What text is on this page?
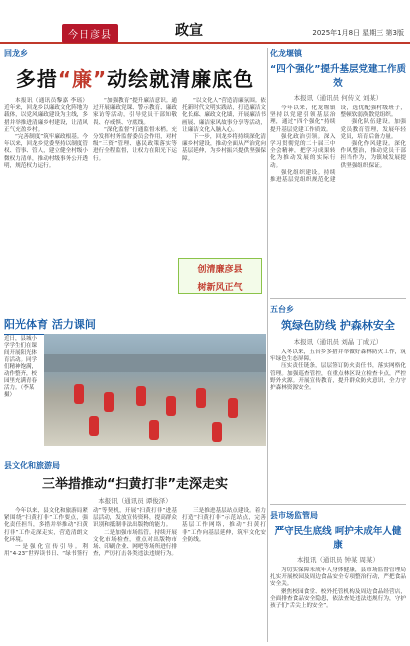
今日彦县	政宣	2025年1月8日 星期三 第3版
回龙乡
多措“廉”动绘就清廉底色

本报讯（通讯员黎嘉 李瑶）近年来，回龙乡以廉政文化阵地为载体，以党风廉政建设为主线，多措并举推进清廉乡村建设，让清风正气充盈乡村。

“完善制度”筑牢廉政根基。今年以来，回龙乡党委坚持以制度管权、管事、管人，建立健全村级小微权力清单，推动村级事务公开透明，规范权力运行。

“加强教育”提升廉洁意识。通过开展廉政党课、警示教育、廉政家访等活动，引导党员干部知敬畏、存戒惧、守底线。

“深化监督”打通监督末梢。充分发挥村务监督委员会作用，对村级“三资”管理、惠民政策落实等进行全程监督，让权力在阳光下运行。

“以文化人”营造清廉氛围。依托新时代文明实践站，打造廉洁文化长廊、廉政文化墙，开展廉洁书画展、廉洁家风故事分享等活动，让廉洁文化入脑入心。

下一步，回龙乡将持续深化清廉乡村建设，推动全面从严治党向基层延伸，为乡村振兴提供坚强保障。

创清廉彦县
树新风正气
阳光体育 活力课间
近日，县城小学学生们在课间开展阳光体育活动。同学们精神饱满，动作整齐，校园里充满青春活力。（李某 摄）
县文化和旅游局
三举措推动“扫黄打非”走深走实
本报讯（通讯员 谭俊泽）

今年以来，县文化和旅游局紧紧围绕“扫黄打非”工作要点，强化责任担当，多措并举推动“扫黄打非”工作走深走实，营造清朗文化环境。

一是强化宣传引导。利用“4·23”世界读书日、“绿书签行动”等契机，开展“扫黄打非”进基层活动，发放宣传资料，提高群众识别和抵制非法出版物的能力。

二是加强市场监管。持续开展文化市场检查，重点对出版物市场、印刷企业、网吧等场所进行排查，严厉打击各类违法违规行为。

三是推进基层站点建设。着力打造“扫黄打非”示范站点，完善基层工作网络，推动“扫黄打非”工作向基层延伸，筑牢文化安全防线。

化龙堰镇
“四个强化”提升基层党建工作质效
本报讯（通讯员 何传义 刘某）

今年以来，化龙堰镇坚持以党建引领基层治理，通过“四个强化”持续提升基层党建工作质效。

强化政治引领。深入学习贯彻党的二十届三中全会精神，把学习成果转化为推动发展的实际行动。

强化组织建设。持续推进基层党组织规范化建设，选优配强村级班子，整顿软弱涣散党组织。

强化队伍建设。加强党员教育管理，发展年轻党员，培育后备力量。

强化作风建设。深化作风整治，推动党员干部担当作为，为镇域发展提供坚强组织保证。

五台乡
筑绿色防线 护森林安全
本报讯（通讯员 刘晶 丁成元）

入冬以来，五台乡多措并举做好森林防火工作，筑牢绿色生态屏障。

压实责任链条，层层签订防火责任书，落实网格化管理。加强巡查管控，在重点林区设立检查卡点，严控野外火源。开展宣传教育，提升群众防火意识，全力守护森林资源安全。

县市场监管局
严守民生底线 呵护未成年人健康
本报讯（通讯员 钟某 周某）

为切实保障未成年人身体健康，县市场监督管理局扎实开展校园及周边食品安全专项整治行动，严把食品安全关。

聚焦校园食堂、校外托管机构及周边食品经营店，全面排查食品安全隐患，依法查处违法违规行为，守护孩子们“舌尖上的安全”。
